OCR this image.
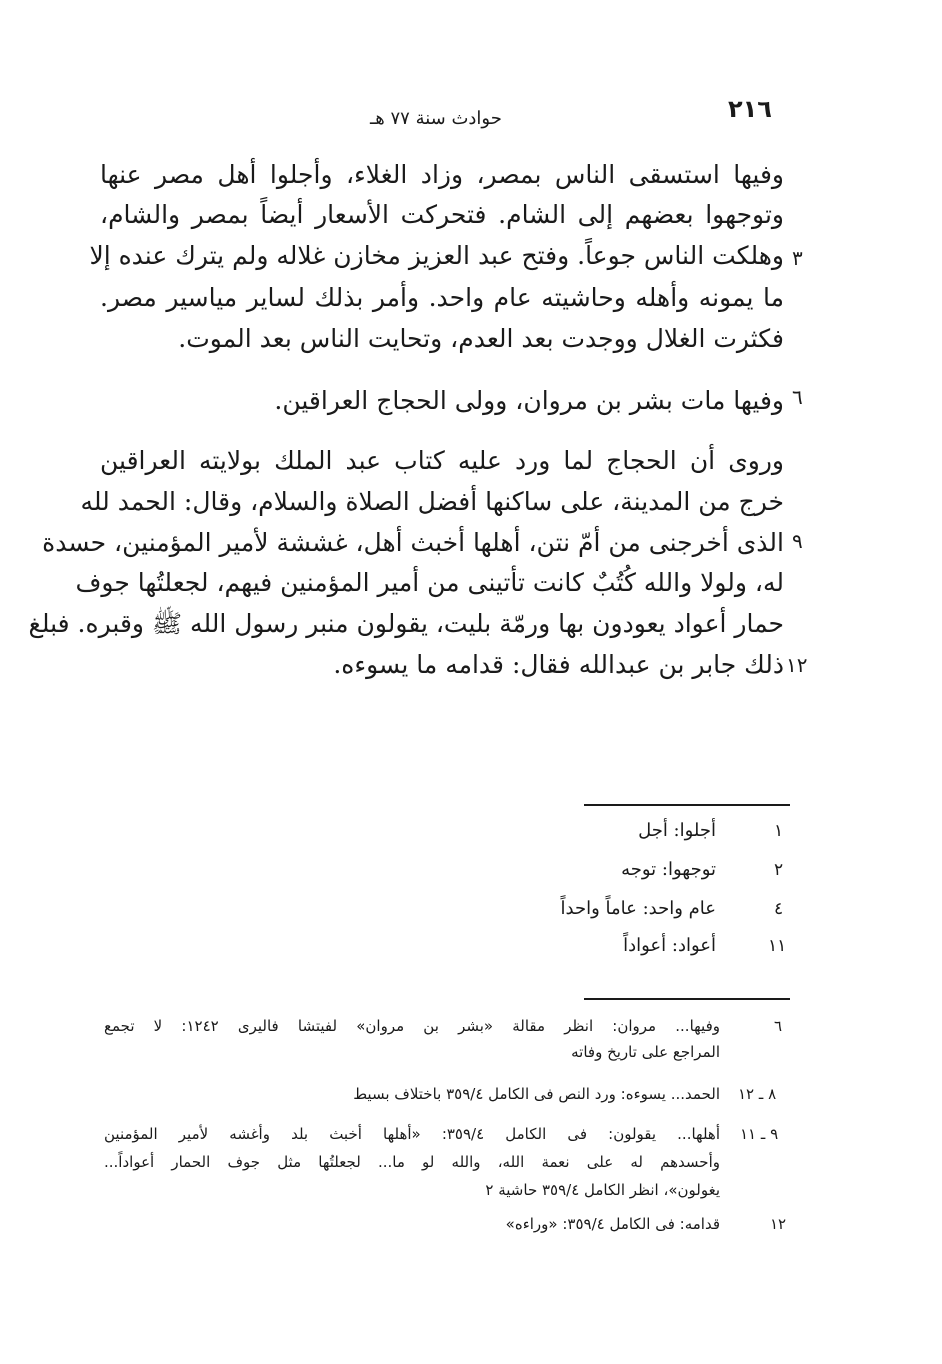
٢١٦
حوادث سنة ٧٧ هـ
وفيها استسقى الناس بمصر، وزاد الغلاء، وأجلوا أهل مصر عنها
وتوجهوا بعضهم إلى الشام. فتحركت الأسعار أيضاً بمصر والشام،
وهلكت الناس جوعاً. وفتح عبد العزيز مخازن غلاله ولم يترك عنده إلا ٣
ما يمونه وأهله وحاشيته عام واحد. وأمر بذلك لساير مياسير مصر.
فكثرت الغلال ووجدت بعد العدم، وتحايت الناس بعد الموت.
وفيها مات بشر بن مروان، وولى الحجاج العراقين. ٦
وروى أن الحجاج لما ورد عليه كتاب عبد الملك بولايته العراقين
خرج من المدينة، على ساكنها أفضل الصلاة والسلام، وقال: الحمد لله
الذى أخرجنى من أمّ نتن، أهلها أخبث أهل، غششة لأمير المؤمنين، حسدة ٩
له، ولولا والله كُتُبٌ كانت تأتينى من أمير المؤمنين فيهم، لجعلتُها جوف
حمار أعواد يعودون بها ورمّة بليت، يقولون منبر رسول الله ﷺ وقبره. فبلغ
ذلك جابر بن عبدالله فقال: قدامه ما يسوءه. ١٢
١
أجلوا: أجل
٢
توجهوا: توجه
٤
عام واحد: عاماً واحداً
١١
أعواد: أعواداً
٦
وفيها... مروان: انظر مقالة «بشر بن مروان» لفيتشا فاليرى ١٢٤٢: لا تجمع
المراجع على تاريخ وفاته
٨ ـ ١٢
الحمد... يسوءه: ورد النص فى الكامل ٣٥٩/٤ باختلاف بسيط
٩ ـ ١١
أهلها... يقولون: فى الكامل ٣٥٩/٤: «أهلها أخبث بلد وأغشه لأمير المؤمنين
وأحسدهم له على نعمة الله، والله لو ما... لجعلتُها مثل جوف الحمار أعواداً...
يغولون»، انظر الكامل ٣٥٩/٤ حاشية ٢
١٢
قدامه: فى الكامل ٣٥٩/٤: «وراءه»
